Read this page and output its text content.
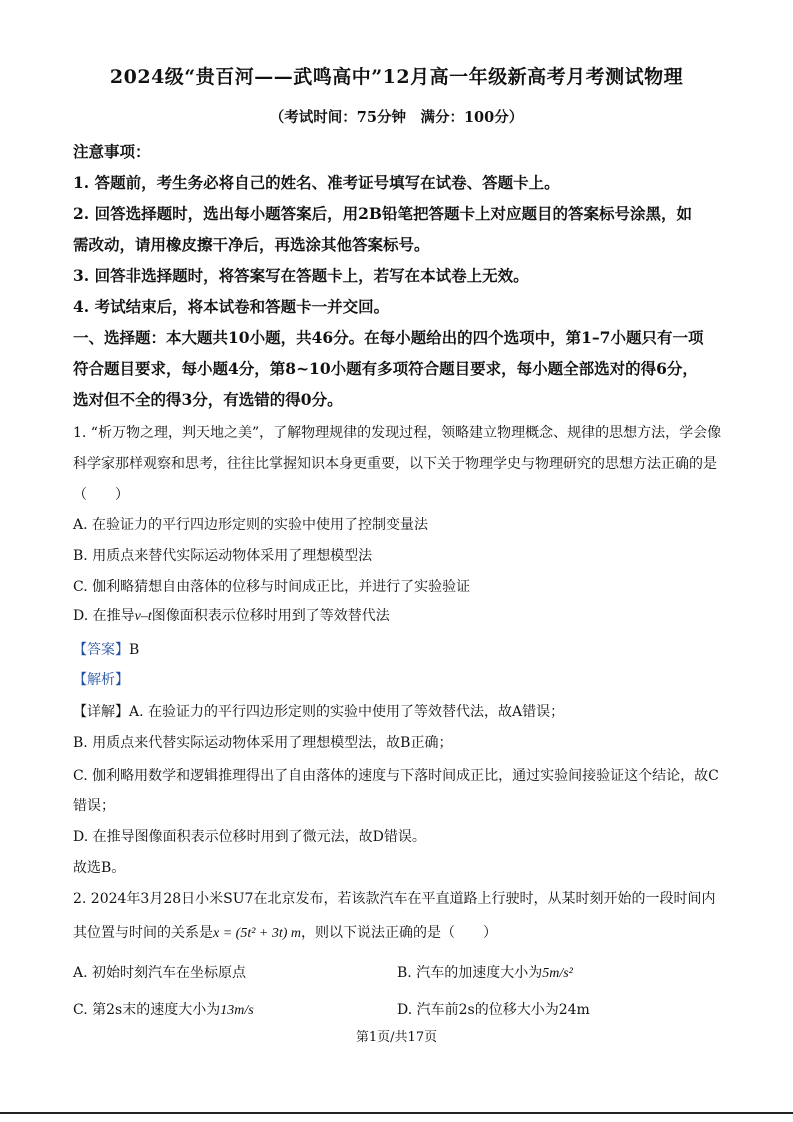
2024级“贵百河——武鸣高中”12月高一年级新高考月考测试物理
（考试时间：75分钟　满分：100分）
注意事项：
1. 答题前，考生务必将自己的姓名、准考证号填写在试卷、答题卡上。
2. 回答选择题时，选出每小题答案后，用2B铅笔把答题卡上对应题目的答案标号涂黑，如
需改动，请用橡皮擦干净后，再选涂其他答案标号。
3. 回答非选择题时，将答案写在答题卡上，若写在本试卷上无效。
4. 考试结束后，将本试卷和答题卡一并交回。
一、选择题：本大题共10小题，共46分。在每小题给出的四个选项中，第1–7小题只有一项
符合题目要求，每小题4分，第8~10小题有多项符合题目要求，每小题全部选对的得6分，
选对但不全的得3分，有选错的得0分。
1. “析万物之理，判天地之美”，了解物理规律的发现过程，领略建立物理概念、规律的思想方法，学会像
科学家那样观察和思考，往往比掌握知识本身更重要，以下关于物理学史与物理研究的思想方法正确的是
（　　）
A. 在验证力的平行四边形定则的实验中使用了控制变量法
B. 用质点来替代实际运动物体采用了理想模型法
C. 伽利略猜想自由落体的位移与时间成正比，并进行了实验验证
D. 在推导v–t图像面积表示位移时用到了等效替代法
【答案】B
【解析】
【详解】A. 在验证力的平行四边形定则的实验中使用了等效替代法，故A错误；
B. 用质点来代替实际运动物体采用了理想模型法，故B正确；
C. 伽利略用数学和逻辑推理得出了自由落体的速度与下落时间成正比，通过实验间接验证这个结论，故C
错误；
D. 在推导图像面积表示位移时用到了微元法，故D错误。
故选B。
2. 2024年3月28日小米SU7在北京发布，若该款汽车在平直道路上行驶时，从某时刻开始的一段时间内
其位置与时间的关系是x = (5t² + 3t) m，则以下说法正确的是（　　）
A. 初始时刻汽车在坐标原点	B. 汽车的加速度大小为5m/s²
C. 第2s末的速度大小为13m/s	D. 汽车前2s的位移大小为24m
第1页/共17页
